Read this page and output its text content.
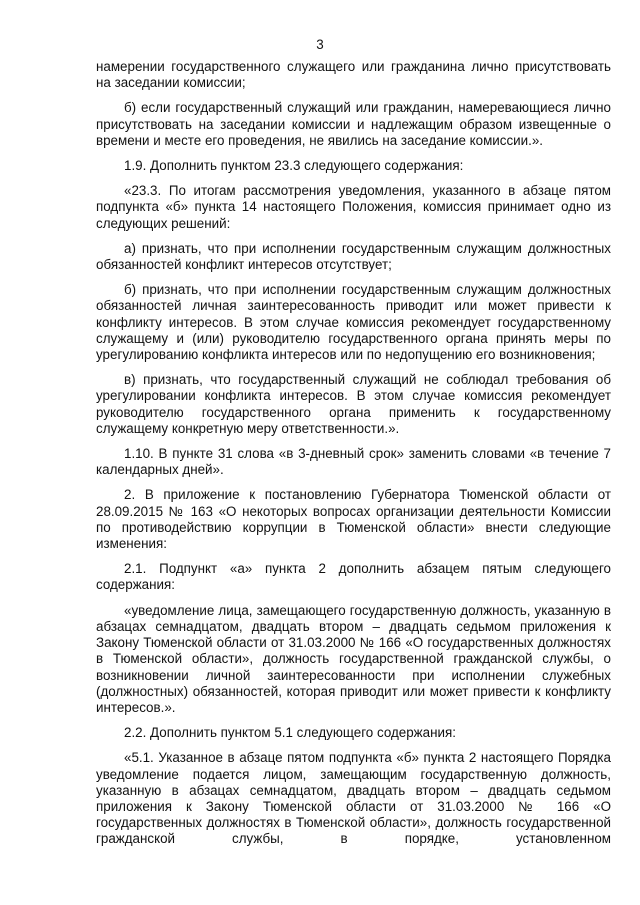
3

намерении государственного служащего или гражданина лично присутствовать на заседании комиссии;

б) если государственный служащий или гражданин, намеревающиеся лично присутствовать на заседании комиссии и надлежащим образом извещенные о времени и месте его проведения, не явились на заседание комиссии.».

1.9. Дополнить пунктом 23.3 следующего содержания:

«23.3. По итогам рассмотрения уведомления, указанного в абзаце пятом подпункта «б» пункта 14 настоящего Положения, комиссия принимает одно из следующих решений:

а) признать, что при исполнении государственным служащим должностных обязанностей конфликт интересов отсутствует;

б) признать, что при исполнении государственным служащим должностных обязанностей личная заинтересованность приводит или может привести к конфликту интересов. В этом случае комиссия рекомендует государственному служащему и (или) руководителю государственного органа принять меры по урегулированию конфликта интересов или по недопущению его возникновения;

в) признать, что государственный служащий не соблюдал требования об урегулировании конфликта интересов. В этом случае комиссия рекомендует руководителю государственного органа применить к государственному служащему конкретную меру ответственности.».

1.10. В пункте 31 слова «в 3-дневный срок» заменить словами «в течение 7 календарных дней».

2. В приложение к постановлению Губернатора Тюменской области от 28.09.2015 № 163 «О некоторых вопросах организации деятельности Комиссии по противодействию коррупции в Тюменской области» внести следующие изменения:

2.1. Подпункт «а» пункта 2 дополнить абзацем пятым следующего содержания:

«уведомление лица, замещающего государственную должность, указанную в абзацах семнадцатом, двадцать втором – двадцать седьмом приложения к Закону Тюменской области от 31.03.2000 № 166 «О государственных должностях в Тюменской области», должность государственной гражданской службы, о возникновении личной заинтересованности при исполнении служебных (должностных) обязанностей, которая приводит или может привести к конфликту интересов.».

2.2. Дополнить пунктом 5.1 следующего содержания:

«5.1. Указанное в абзаце пятом подпункта «б» пункта 2 настоящего Порядка уведомление подается лицом, замещающим государственную должность, указанную в абзацах семнадцатом, двадцать втором – двадцать седьмом приложения к Закону Тюменской области от 31.03.2000 № 166 «О государственных должностях в Тюменской области», должность государственной гражданской службы, в порядке, установленном
